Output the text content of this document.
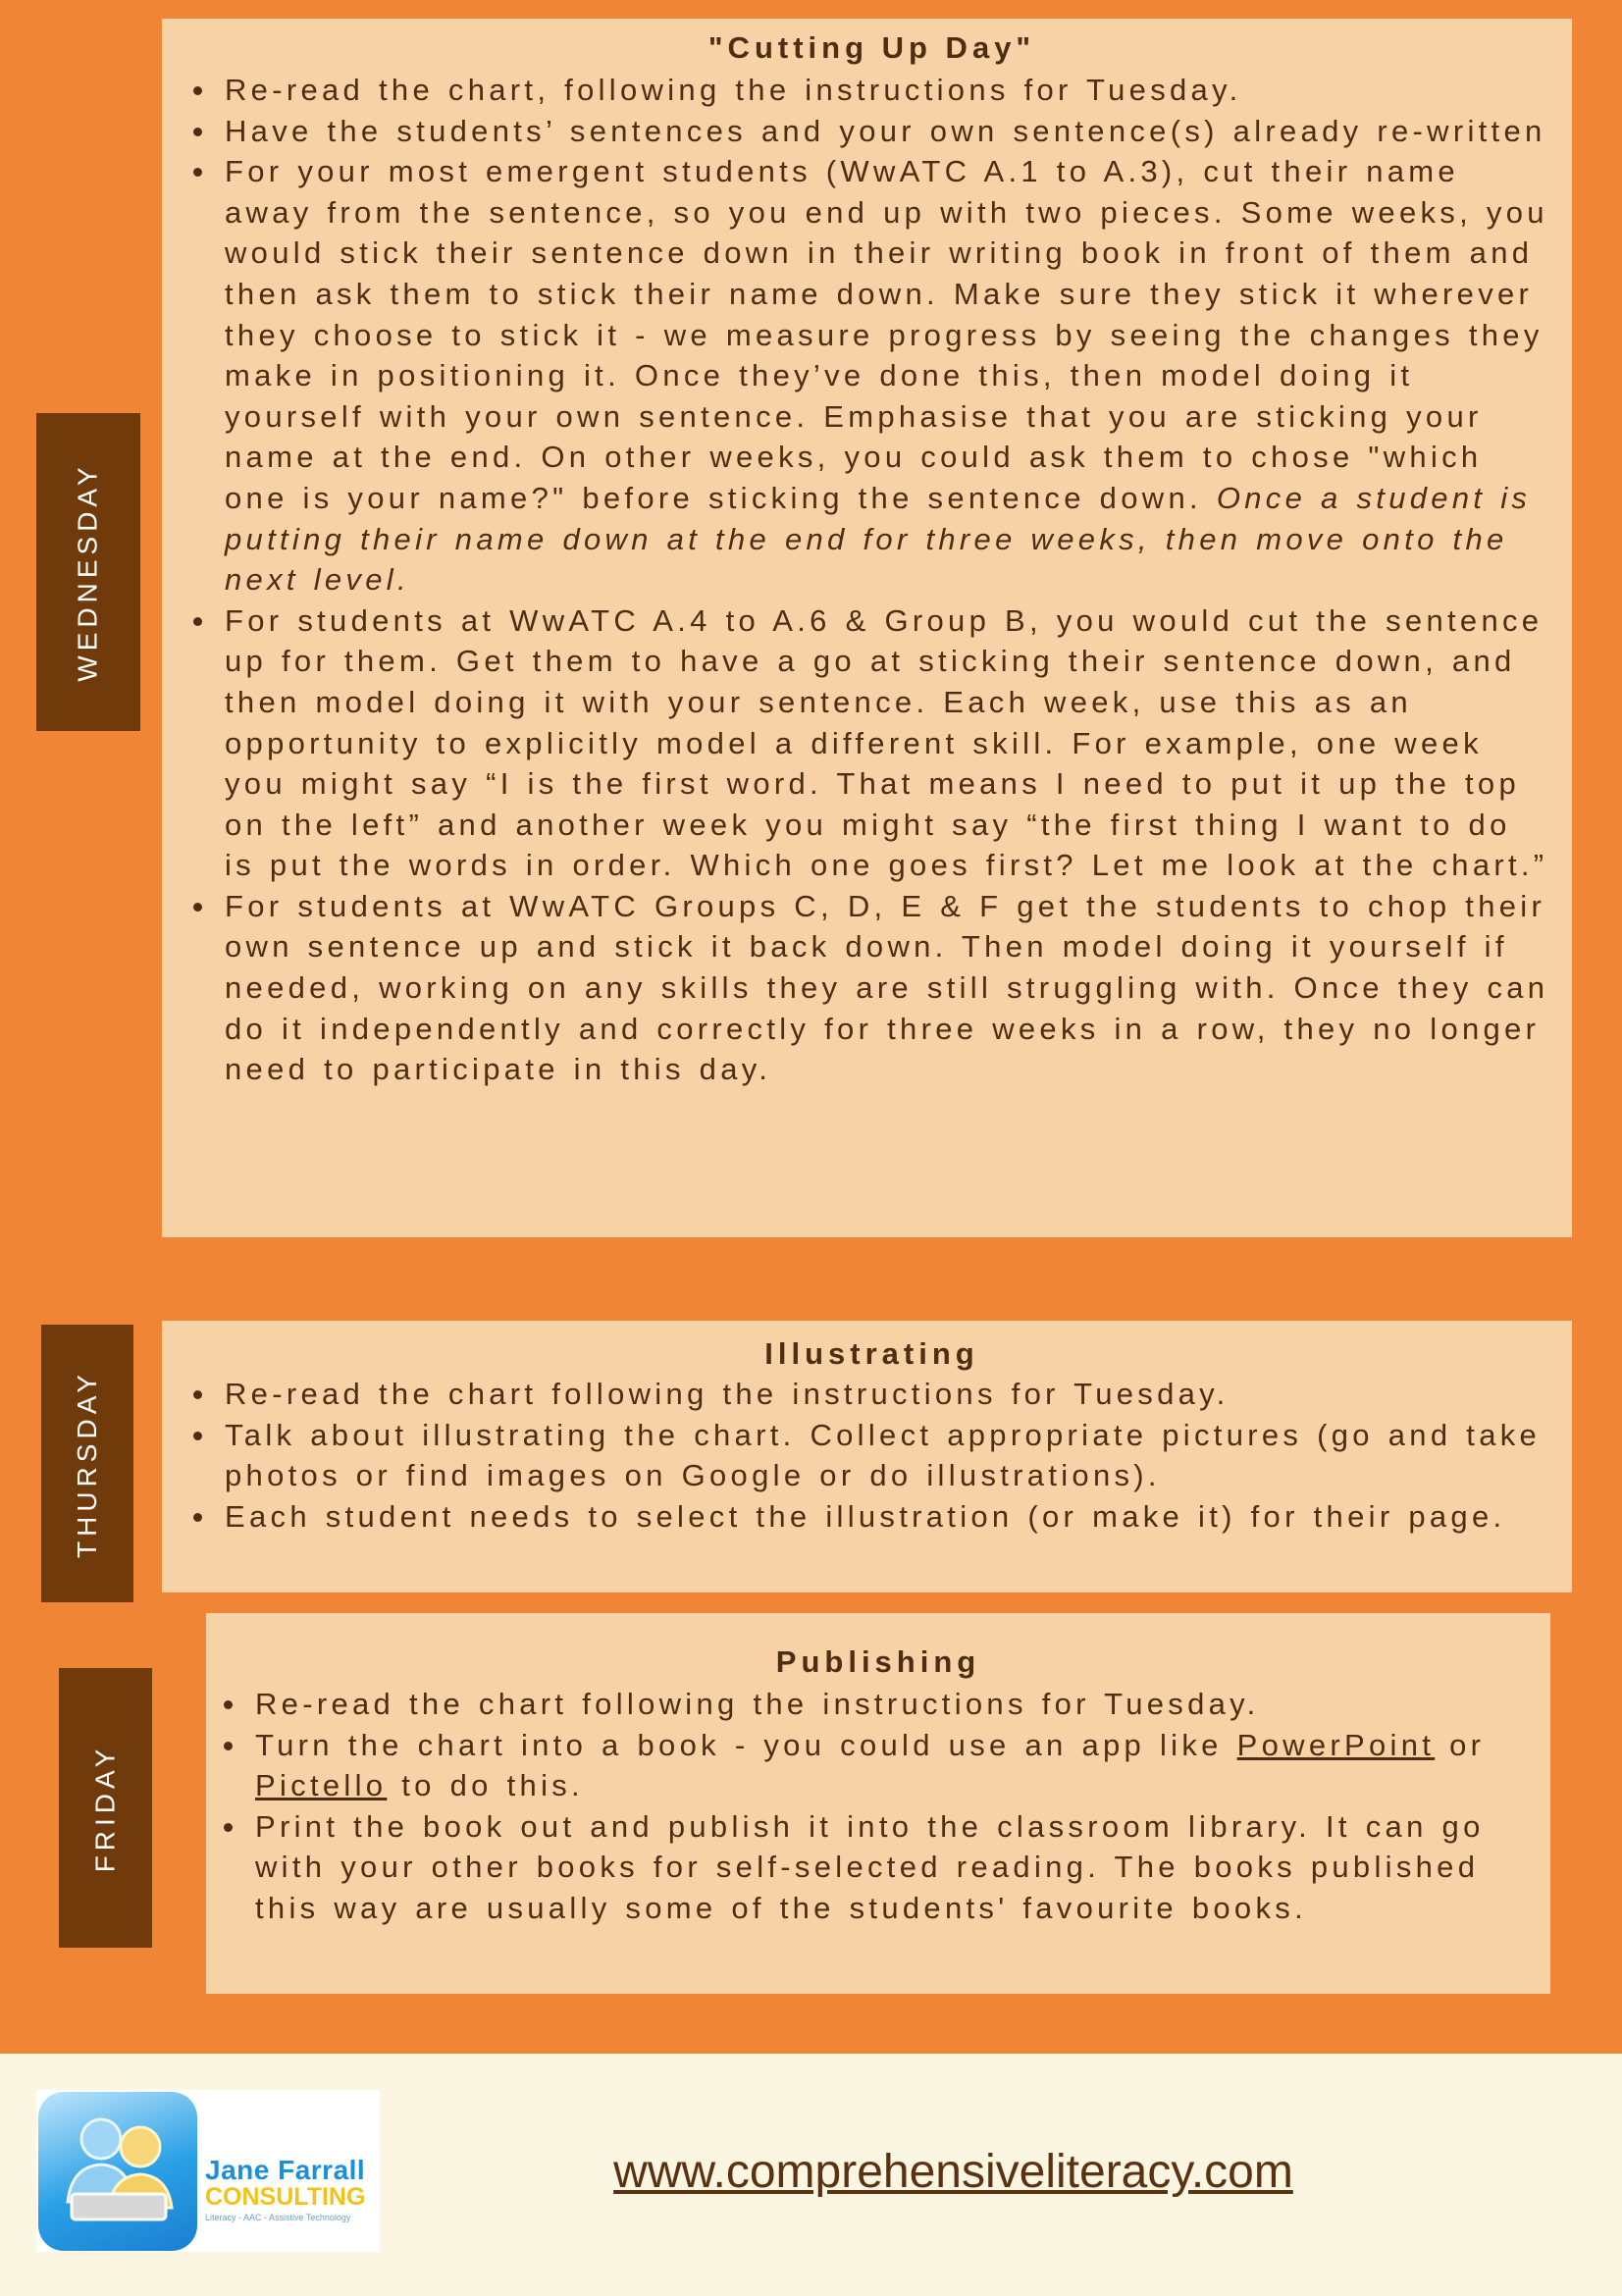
WEDNESDAY
"Cutting Up Day"
Re-read the chart, following the instructions for Tuesday.
Have the students’ sentences and your own sentence(s) already re-written
For your most emergent students (WwATC A.1 to A.3), cut their name away from the sentence, so you end up with two pieces. Some weeks, you would stick their sentence down in their writing book in front of them and then ask them to stick their name down. Make sure they stick it wherever they choose to stick it - we measure progress by seeing the changes they make in positioning it. Once they’ve done this, then model doing it yourself with your own sentence. Emphasise that you are sticking your name at the end. On other weeks, you could ask them to chose "which one is your name?" before sticking the sentence down. Once a student is putting their name down at the end for three weeks, then move onto the next level.
For students at WwATC A.4 to A.6 & Group B, you would cut the sentence up for them. Get them to have a go at sticking their sentence down, and then model doing it with your sentence. Each week, use this as an opportunity to explicitly model a different skill. For example, one week you might say “I is the first word. That means I need to put it up the top on the left” and another week you might say “the first thing I want to do is put the words in order. Which one goes first? Let me look at the chart.”
For students at WwATC Groups C, D, E & F get the students to chop their own sentence up and stick it back down. Then model doing it yourself if needed, working on any skills they are still struggling with. Once they can do it independently and correctly for three weeks in a row, they no longer need to participate in this day.
THURSDAY
Illustrating
Re-read the chart following the instructions for Tuesday.
Talk about illustrating the chart. Collect appropriate pictures (go and take photos or find images on Google or do illustrations).
Each student needs to select the illustration (or make it) for their page.
FRIDAY
Publishing
Re-read the chart following the instructions for Tuesday.
Turn the chart into a book - you could use an app like PowerPoint or Pictello to do this.
Print the book out and publish it into the classroom library. It can go with your other books for self-selected reading. The books published this way are usually some of the students' favourite books.
Jane Farrall
CONSULTING
Literacy - AAC - Assistive Technology
www.comprehensiveliteracy.com
